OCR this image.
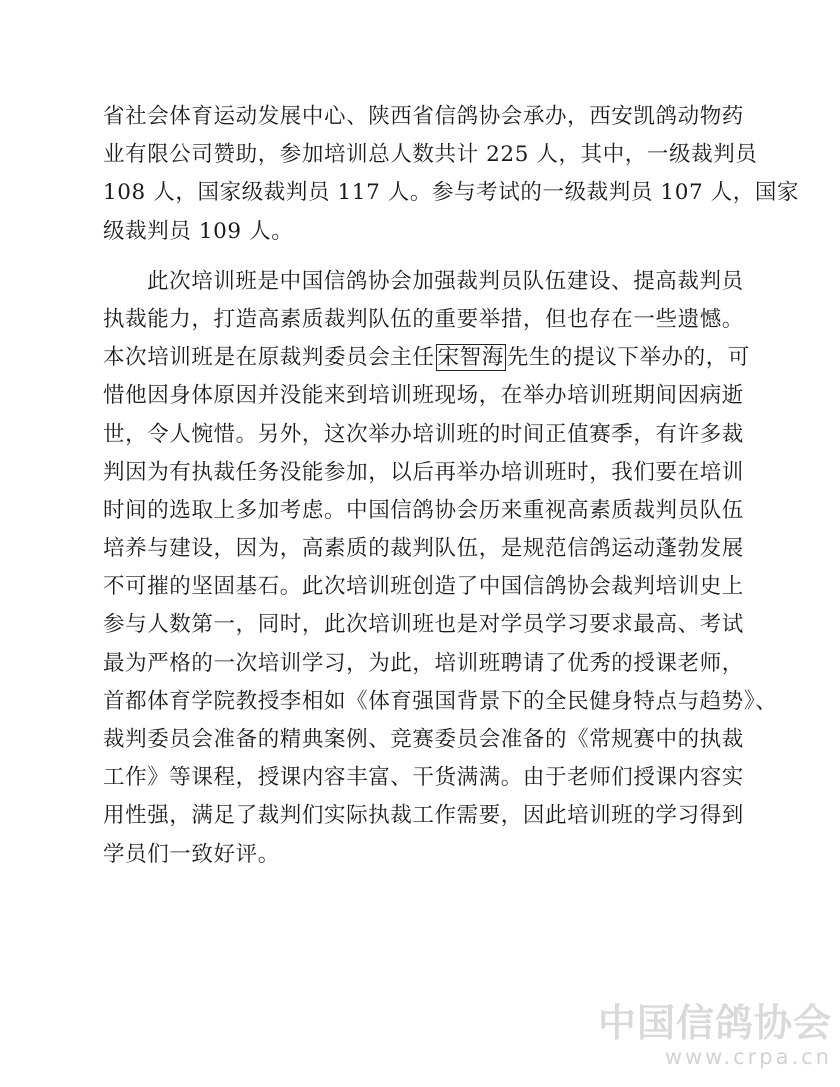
省社会体育运动发展中心、陕西省信鸽协会承办，西安凯鸽动物药
业有限公司赞助，参加培训总人数共计 225 人，其中，一级裁判员
108 人，国家级裁判员 117 人。参与考试的一级裁判员 107 人，国家
级裁判员 109 人。
此次培训班是中国信鸽协会加强裁判员队伍建设、提高裁判员
执裁能力，打造高素质裁判队伍的重要举措，但也存在一些遗憾。
本次培训班是在原裁判委员会主任 宋智海 先生的提议下举办的，可
惜他因身体原因并没能来到培训班现场，在举办培训班期间因病逝
世，令人惋惜。另外，这次举办培训班的时间正值赛季，有许多裁
判因为有执裁任务没能参加，以后再举办培训班时，我们要在培训
时间的选取上多加考虑。中国信鸽协会历来重视高素质裁判员队伍
培养与建设，因为，高素质的裁判队伍，是规范信鸽运动蓬勃发展
不可摧的坚固基石。此次培训班创造了中国信鸽协会裁判培训史上
参与人数第一，同时，此次培训班也是对学员学习要求最高、考试
最为严格的一次培训学习，为此，培训班聘请了优秀的授课老师，
首都体育学院教授李相如《体育强国背景下的全民健身特点与趋势》、
裁判委员会准备的精典案例、竞赛委员会准备的《常规赛中的执裁
工作》等课程，授课内容丰富、干货满满。由于老师们授课内容实
用性强，满足了裁判们实际执裁工作需要，因此培训班的学习得到
学员们一致好评。
中国信鸽协会
www.crpa.cn
